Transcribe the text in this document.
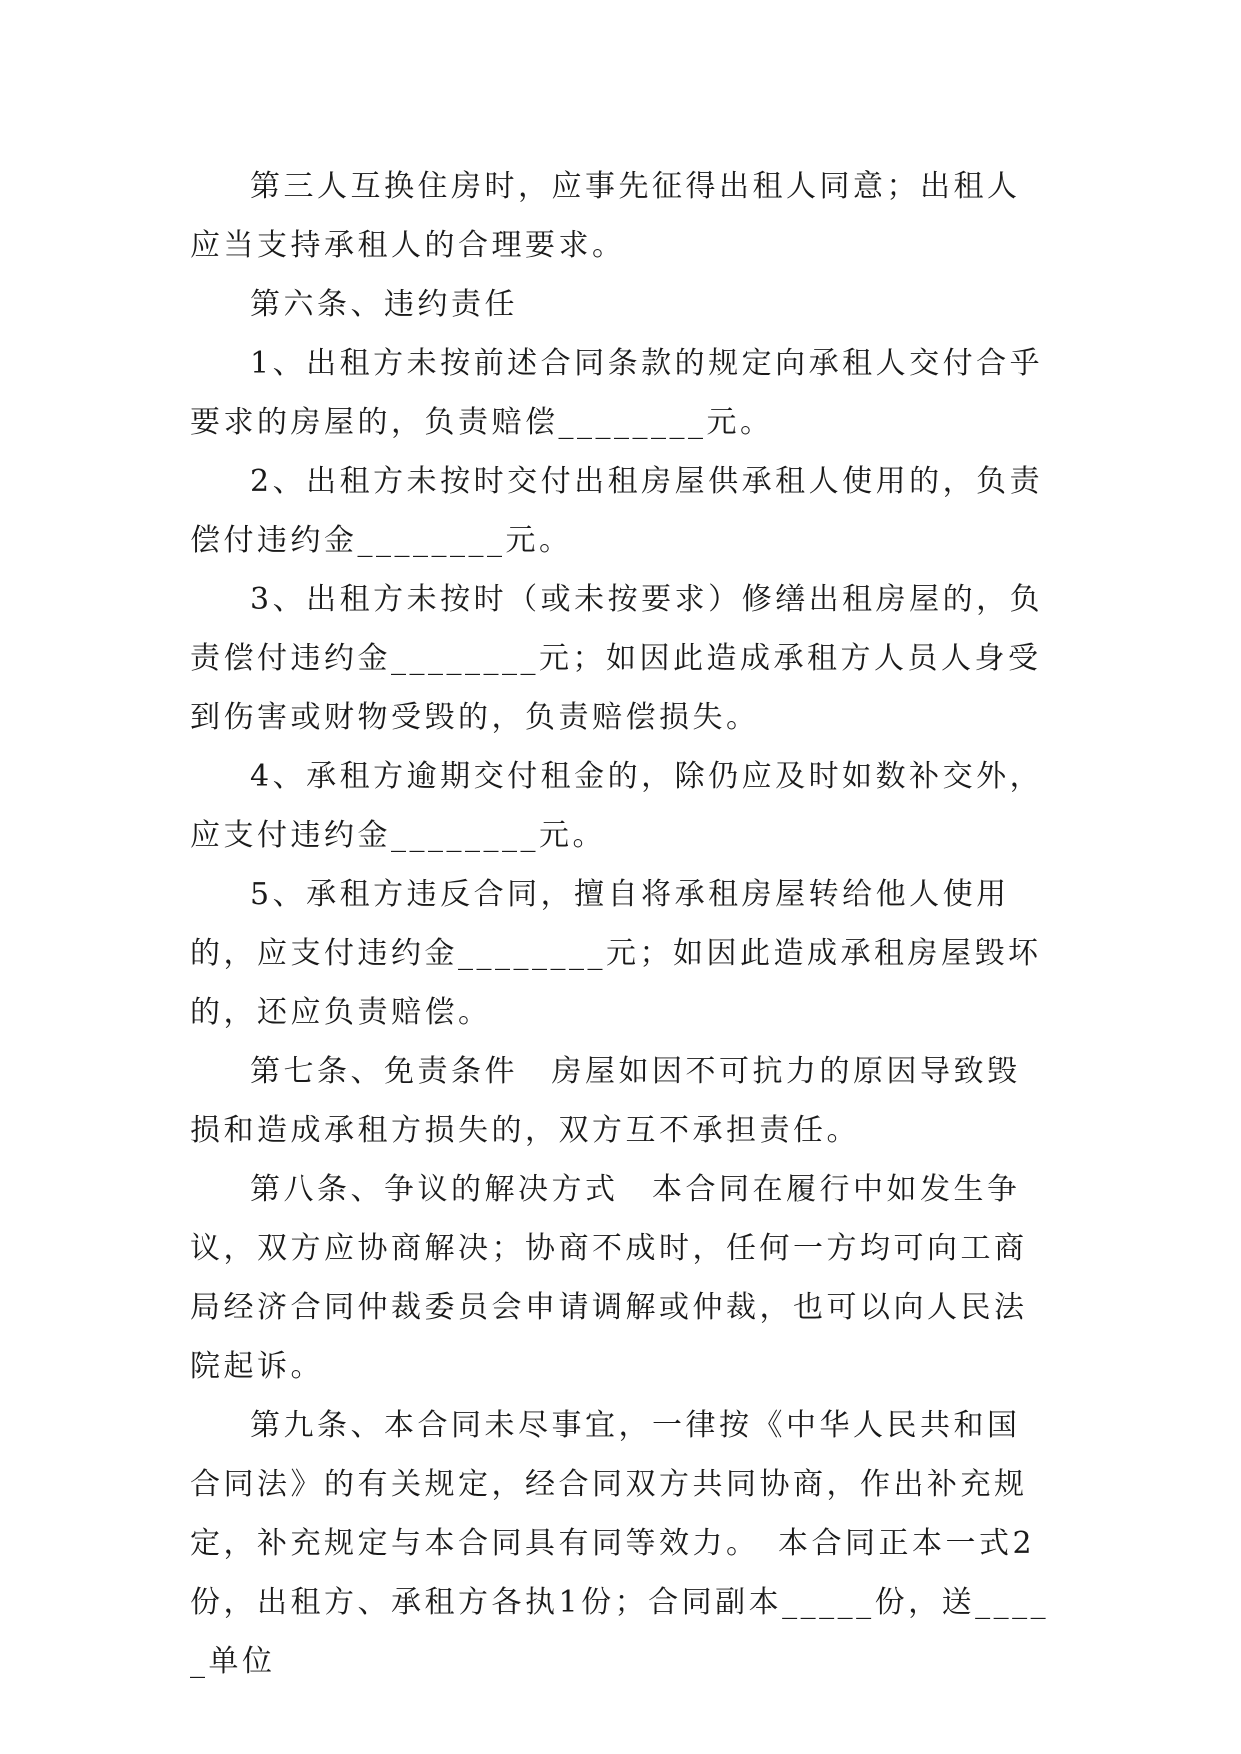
第三人互换住房时，应事先征得出租人同意；出租人应当支持承租人的合理要求。

第六条、违约责任

1、出租方未按前述合同条款的规定向承租人交付合乎要求的房屋的，负责赔偿________元。

2、出租方未按时交付出租房屋供承租人使用的，负责偿付违约金________元。

3、出租方未按时（或未按要求）修缮出租房屋的，负责偿付违约金________元；如因此造成承租方人员人身受到伤害或财物受毁的，负责赔偿损失。

4、承租方逾期交付租金的，除仍应及时如数补交外，应支付违约金________元。

5、承租方违反合同，擅自将承租房屋转给他人使用的，应支付违约金________元；如因此造成承租房屋毁坏的，还应负责赔偿。

第七条、免责条件　房屋如因不可抗力的原因导致毁损和造成承租方损失的，双方互不承担责任。

第八条、争议的解决方式　本合同在履行中如发生争议，双方应协商解决；协商不成时，任何一方均可向工商局经济合同仲裁委员会申请调解或仲裁，也可以向人民法院起诉。

第九条、本合同未尽事宜，一律按《中华人民共和国合同法》的有关规定，经合同双方共同协商，作出补充规定，补充规定与本合同具有同等效力。　本合同正本一式2份，出租方、承租方各执1份；合同副本_____份，送_____单位
